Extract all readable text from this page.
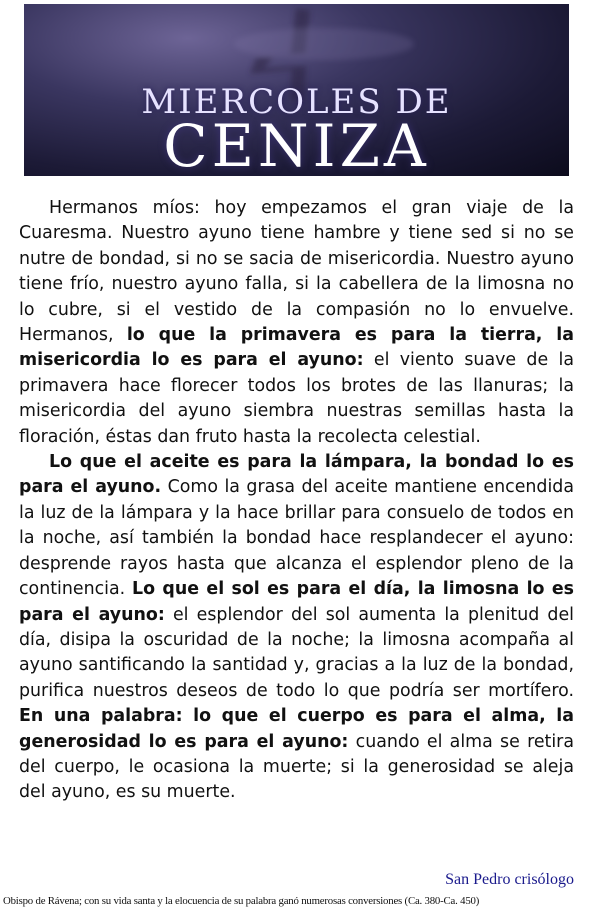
MIERCOLES DE
CENIZA

Hermanos míos: hoy empezamos el gran viaje de la Cuaresma. Nuestro ayuno tiene hambre y tiene sed si no se nutre de bondad, si no se sacia de misericordia. Nuestro ayuno tiene frío, nuestro ayuno falla, si la cabellera de la limosna no lo cubre, si el vestido de la compasión no lo envuelve. Hermanos, lo que la primavera es para la tierra, la misericordia lo es para el ayuno: el viento suave de la primavera hace florecer todos los brotes de las llanuras; la misericordia del ayuno siembra nuestras semillas hasta la floración, éstas dan fruto hasta la recolecta celestial.

Lo que el aceite es para la lámpara, la bondad lo es para el ayuno. Como la grasa del aceite mantiene encendida la luz de la lámpara y la hace brillar para consuelo de todos en la noche, así también la bondad hace resplandecer el ayuno: desprende rayos hasta que alcanza el esplendor pleno de la continencia. Lo que el sol es para el día, la limosna lo es para el ayuno: el esplendor del sol aumenta la plenitud del día, disipa la oscuridad de la noche; la limosna acompaña al ayuno santificando la santidad y, gracias a la luz de la bondad, purifica nuestros deseos de todo lo que podría ser mortífero. En una palabra: lo que el cuerpo es para el alma, la generosidad lo es para el ayuno: cuando el alma se retira del cuerpo, le ocasiona la muerte; si la generosidad se aleja del ayuno, es su muerte.

San Pedro crisólogo
Obispo de Rávena; con su vida santa y la elocuencia de su palabra ganó numerosas conversiones (Ca. 380-Ca. 450)
